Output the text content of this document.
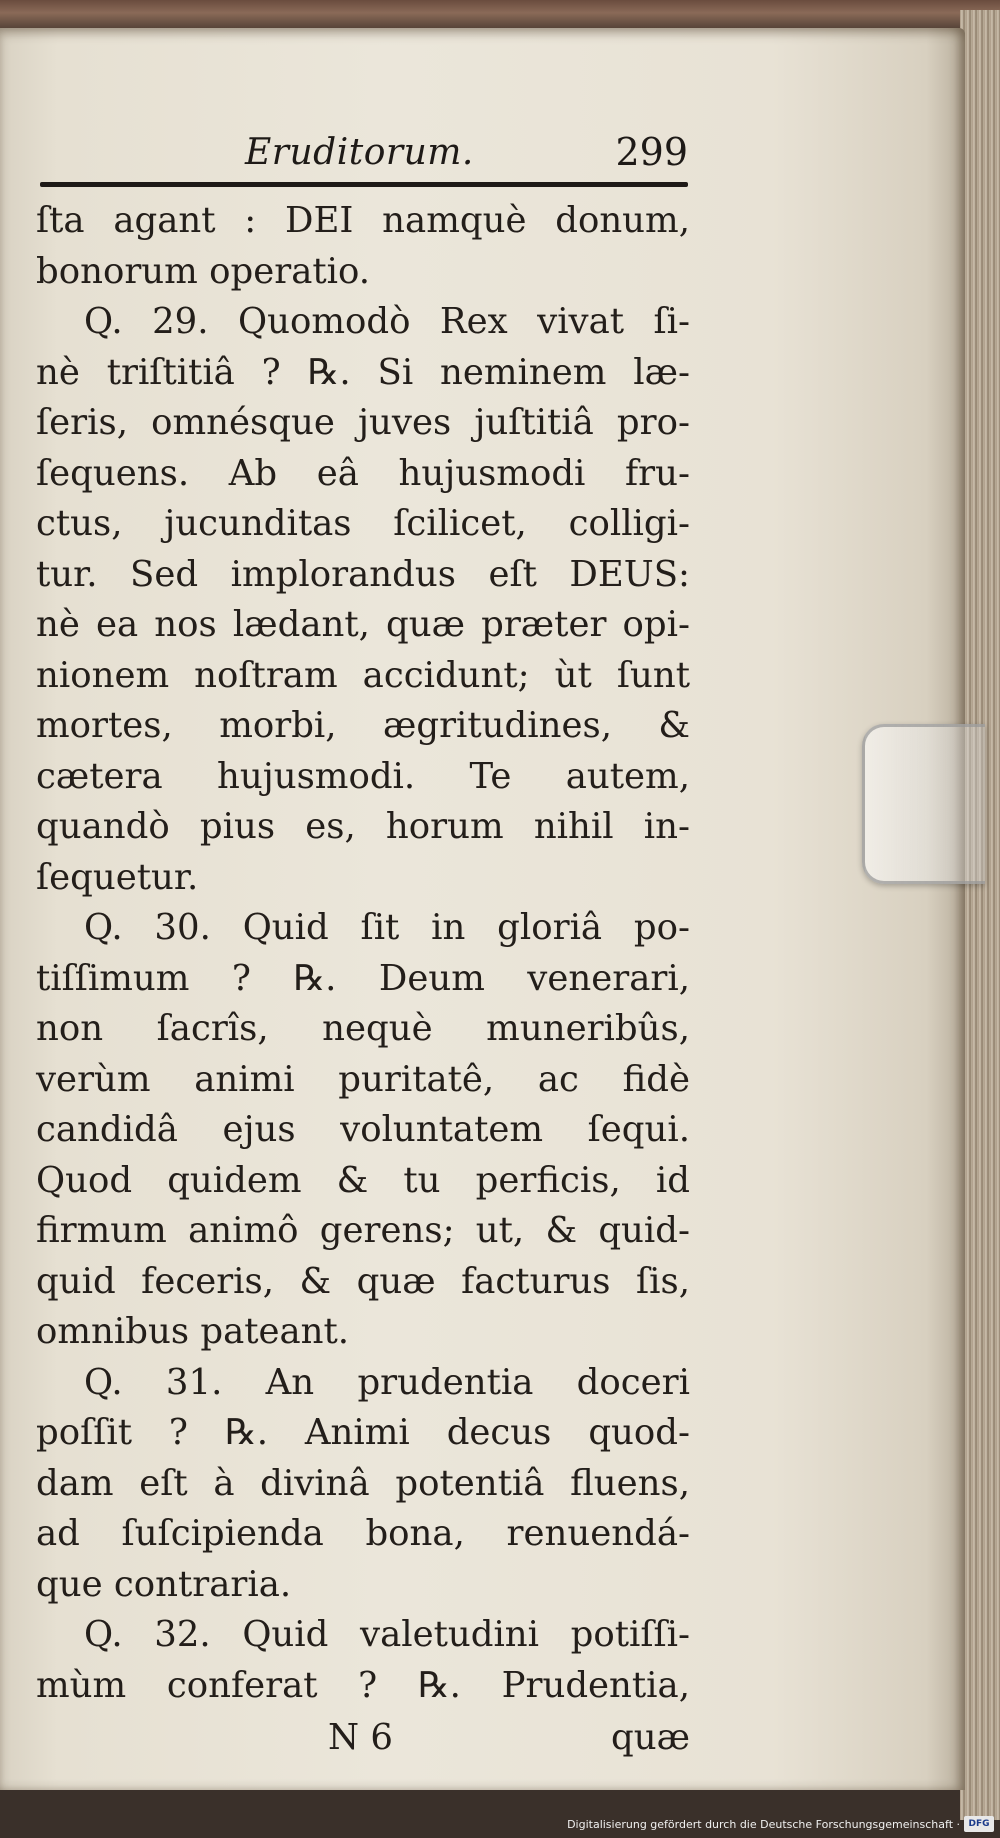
Eruditorum.	299
ſta agant : DEI namquè donum,
bonorum operatio.
Q. 29. Quomodò Rex vivat ſi-
nè triſtitiâ ? ℞. Si neminem læ-
ſeris, omnésque juves juſtitiâ pro-
ſequens. Ab eâ hujusmodi fru-
ctus, jucunditas ſcilicet, colligi-
tur. Sed implorandus eſt DEUS:
nè ea nos lædant, quæ præter opi-
nionem noſtram accidunt; ùt ſunt
mortes, morbi, ægritudines, &
cætera hujusmodi. Te autem,
quandò pius es, horum nihil in-
ſequetur.
Q. 30. Quid ſit in gloriâ po-
tiſſimum ? ℞. Deum venerari,
non ſacrîs, nequè muneribûs,
verùm animi puritatê, ac fidè
candidâ ejus voluntatem ſequi.
Quod quidem & tu perficis, id
firmum animô gerens; ut, & quid-
quid feceris, & quæ facturus ſis,
omnibus pateant.
Q. 31. An prudentia doceri
poſſit ? ℞. Animi decus quod-
dam eſt à divinâ potentiâ fluens,
ad ſuſcipienda bona, renuendá-
que contraria.
Q. 32. Quid valetudini potiſſi-
mùm conferat ? ℞. Prudentia,
N 6	quæ
Digitalisierung gefördert durch die Deutsche Forschungsgemeinschaft · DFG
